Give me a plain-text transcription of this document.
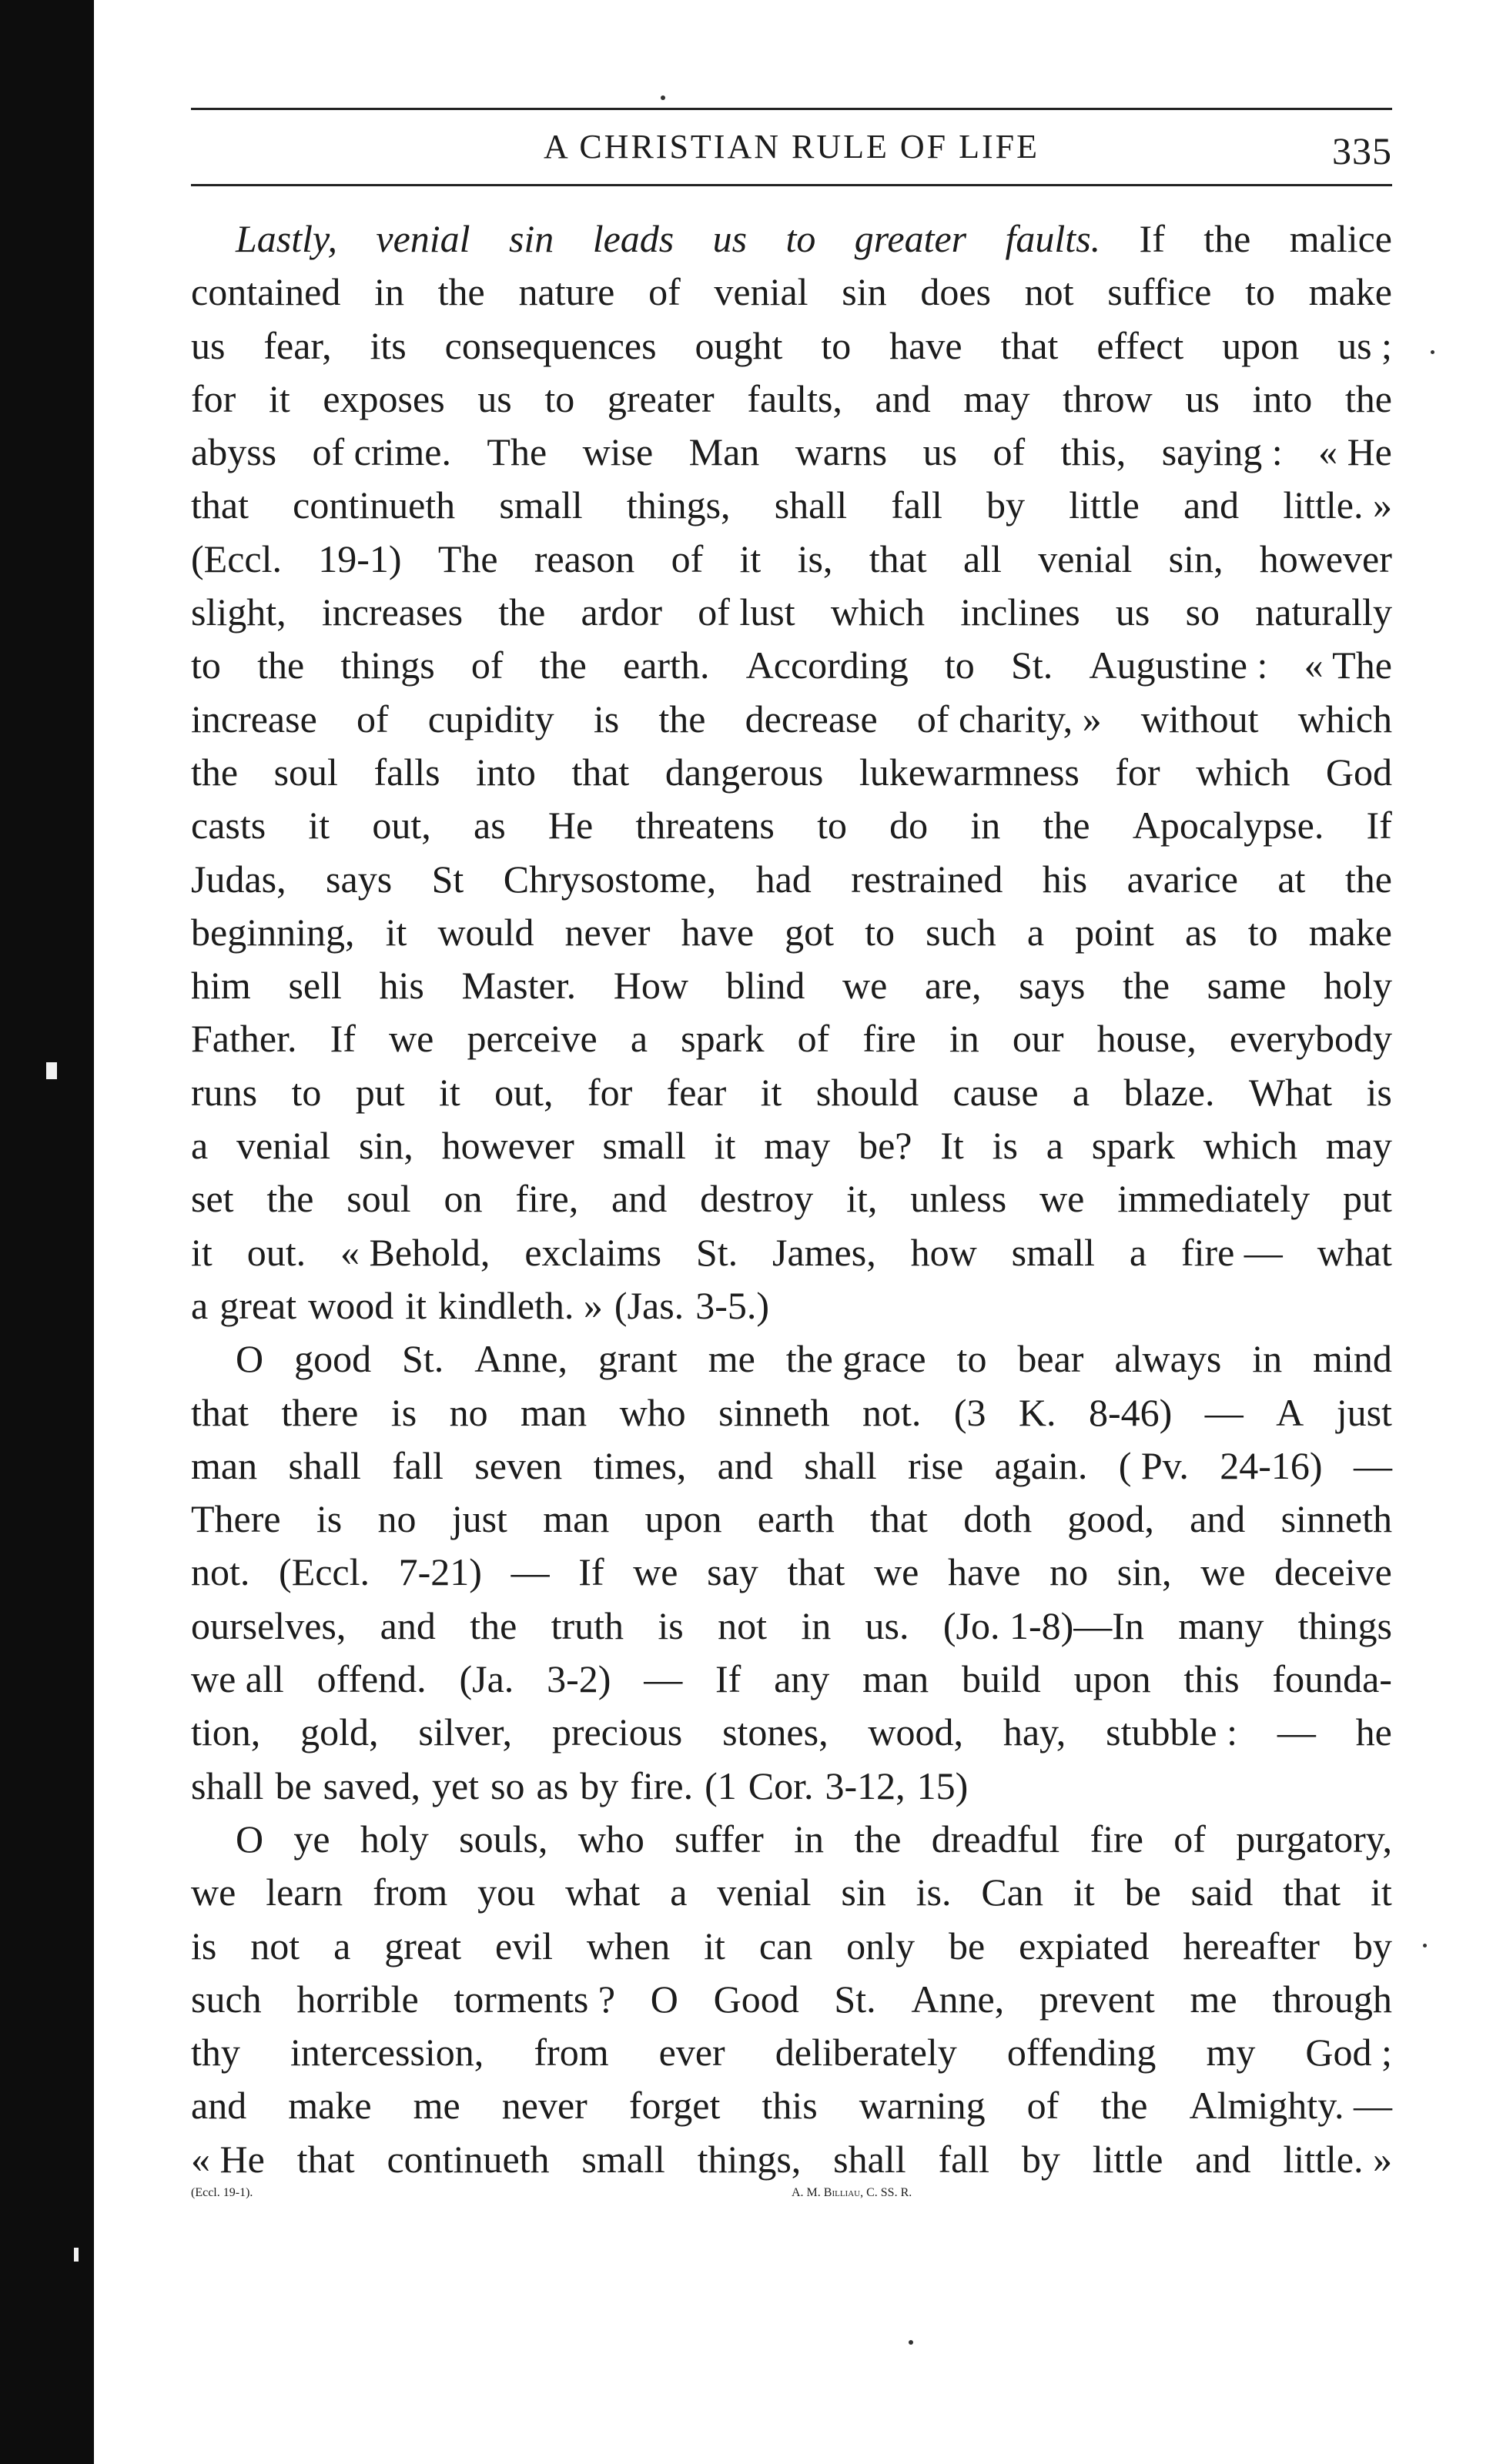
A CHRISTIAN RULE OF LIFE	335
Lastly, venial sin leads us to greater faults. If the malice
contained in the nature of venial sin does not suffice to make
us fear, its consequences ought to have that effect upon us ;
for it exposes us to greater faults, and may throw us into the
abyss of crime. The wise Man warns us of this, saying : « He
that continueth small things, shall fall by little and little. »
(Eccl. 19-1) The reason of it is, that all venial sin, however
slight, increases the ardor of lust which inclines us so naturally
to the things of the earth. According to St. Augustine : « The
increase of cupidity is the decrease of charity, » without which
the soul falls into that dangerous lukewarmness for which God
casts it out, as He threatens to do in the Apocalypse. If
Judas, says St Chrysostome, had restrained his avarice at the
beginning, it would never have got to such a point as to make
him sell his Master. How blind we are, says the same holy
Father. If we perceive a spark of fire in our house, everybody
runs to put it out, for fear it should cause a blaze. What is
a venial sin, however small it may be? It is a spark which may
set the soul on fire, and destroy it, unless we immediately put
it out. « Behold, exclaims St. James, how small a fire — what
a great wood it kindleth. » (Jas. 3-5.)
O good St. Anne, grant me the grace to bear always in mind
that there is no man who sinneth not. (3 K. 8-46) — A just
man shall fall seven times, and shall rise again. ( Pv. 24-16) —
There is no just man upon earth that doth good, and sinneth
not. (Eccl. 7-21) — If we say that we have no sin, we deceive
ourselves, and the truth is not in us. (Jo. 1-8)—In many things
we all offend. (Ja. 3-2) — If any man build upon this founda-
tion, gold, silver, precious stones, wood, hay, stubble : — he
shall be saved, yet so as by fire. (1 Cor. 3-12, 15)
O ye holy souls, who suffer in the dreadful fire of purgatory,
we learn from you what a venial sin is. Can it be said that it
is not a great evil when it can only be expiated hereafter by
such horrible torments ? O Good St. Anne, prevent me through
thy intercession, from ever deliberately offending my God ;
and make me never forget this warning of the Almighty. —
« He that continueth small things, shall fall by little and little. »
(Eccl. 19-1).	A. M. Billiau, C. SS. R.
